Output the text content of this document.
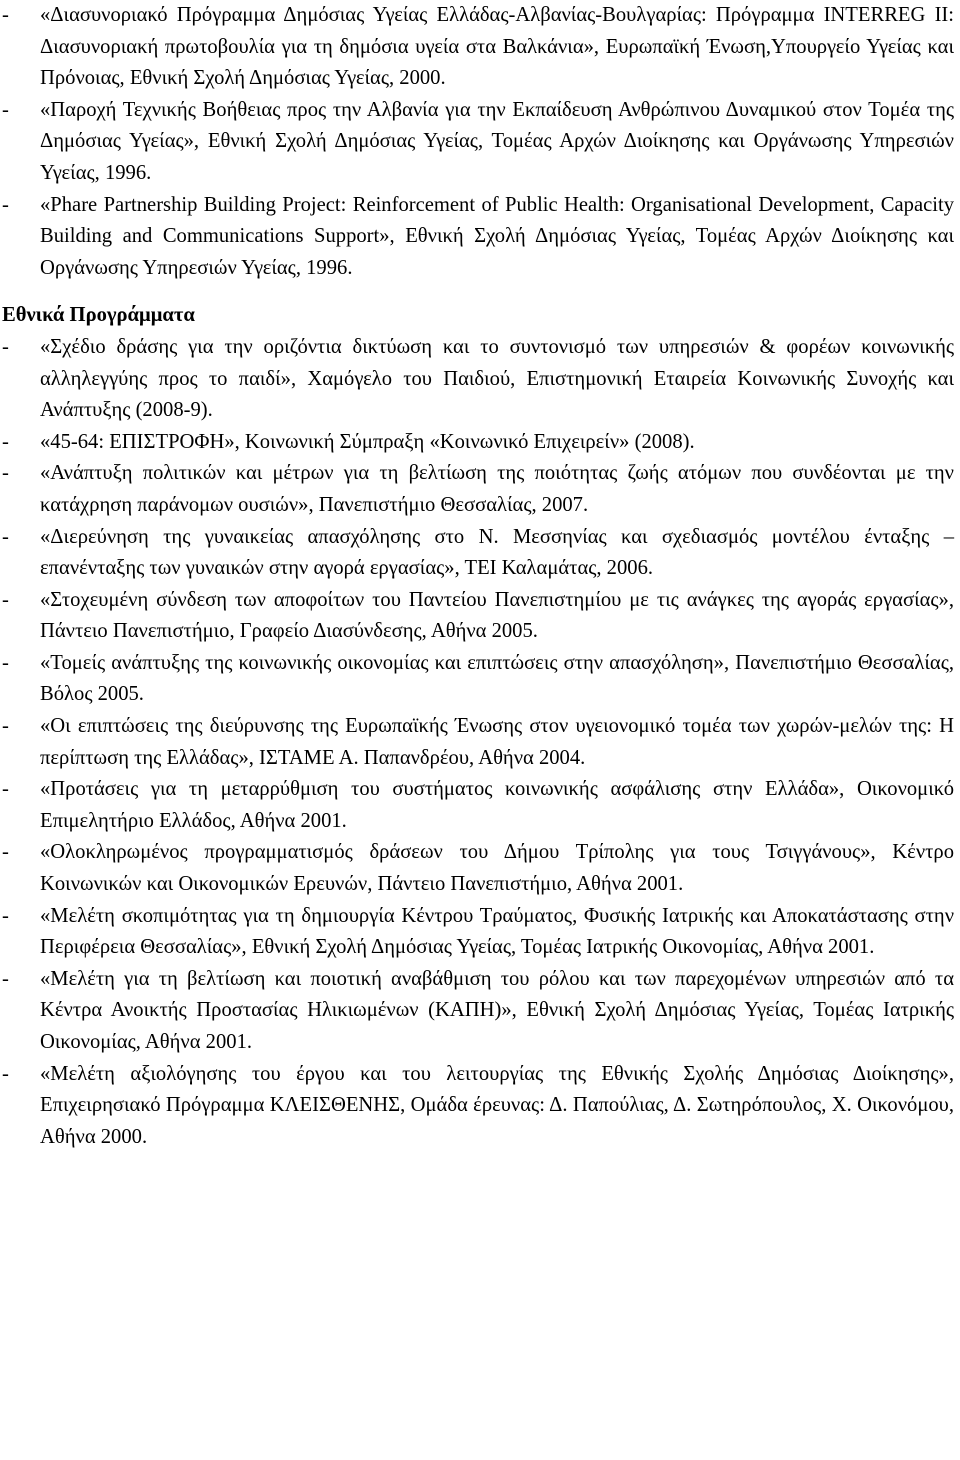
- «Διασυνοριακό Πρόγραμμα Δημόσιας Υγείας Ελλάδας-Αλβανίας-Βουλγαρίας: Πρόγραμμα INTERREG II: Διασυνοριακή πρωτοβουλία για τη δημόσια υγεία στα Βαλκάνια», Ευρωπαϊκή Ένωση,Υπουργείο Υγείας και Πρόνοιας, Εθνική Σχολή Δημόσιας Υγείας, 2000.

- «Παροχή Τεχνικής Βοήθειας προς την Αλβανία για την Εκπαίδευση Ανθρώπινου Δυναμικού στον Τομέα της Δημόσιας Υγείας», Εθνική Σχολή Δημόσιας Υγείας, Τομέας Αρχών Διοίκησης και Οργάνωσης Υπηρεσιών Υγείας, 1996.

- «Phare Partnership Building Project: Reinforcement of Public Health: Organisational Development, Capacity Building and Communications Support», Εθνική Σχολή Δημόσιας Υγείας, Τομέας Αρχών Διοίκησης και Οργάνωσης Υπηρεσιών Υγείας, 1996.

Εθνικά Προγράμματα

- «Σχέδιο δράσης για την οριζόντια δικτύωση και το συντονισμό των υπηρεσιών & φορέων κοινωνικής αλληλεγγύης προς το παιδί», Χαμόγελο του Παιδιού, Επιστημονική Εταιρεία Κοινωνικής Συνοχής και Ανάπτυξης (2008-9).

- «45-64: ΕΠΙΣΤΡΟΦΗ», Κοινωνική Σύμπραξη «Κοινωνικό Επιχειρείν» (2008).

- «Ανάπτυξη πολιτικών και μέτρων για τη βελτίωση της ποιότητας ζωής ατόμων που συνδέονται με την κατάχρηση παράνομων ουσιών», Πανεπιστήμιο Θεσσαλίας, 2007.

- «Διερεύνηση της γυναικείας απασχόλησης στο Ν. Μεσσηνίας και σχεδιασμός μοντέλου ένταξης – επανένταξης των γυναικών στην αγορά εργασίας», ΤΕΙ Καλαμάτας, 2006.

- «Στοχευμένη σύνδεση των αποφοίτων του Παντείου Πανεπιστημίου με τις ανάγκες της αγοράς εργασίας», Πάντειο Πανεπιστήμιο, Γραφείο Διασύνδεσης, Αθήνα 2005.

- «Τομείς ανάπτυξης της κοινωνικής οικονομίας και επιπτώσεις στην απασχόληση», Πανεπιστήμιο Θεσσαλίας, Βόλος 2005.

- «Οι επιπτώσεις της διεύρυνσης της Ευρωπαϊκής Ένωσης στον υγειονομικό τομέα των χωρών-μελών της: Η περίπτωση της Ελλάδας», ΙΣΤΑΜΕ Α. Παπανδρέου, Αθήνα 2004.

- «Προτάσεις για τη μεταρρύθμιση του συστήματος κοινωνικής ασφάλισης στην Ελλάδα», Οικονομικό Επιμελητήριο Ελλάδος, Αθήνα 2001.

- «Ολοκληρωμένος προγραμματισμός δράσεων του Δήμου Τρίπολης για τους Τσιγγάνους», Κέντρο Κοινωνικών και Οικονομικών Ερευνών, Πάντειο Πανεπιστήμιο, Αθήνα 2001.

- «Μελέτη σκοπιμότητας για τη δημιουργία Κέντρου Τραύματος, Φυσικής Ιατρικής και Αποκατάστασης στην Περιφέρεια Θεσσαλίας», Εθνική Σχολή Δημόσιας Υγείας, Τομέας Ιατρικής Οικονομίας, Αθήνα 2001.

- «Μελέτη για τη βελτίωση και ποιοτική αναβάθμιση του ρόλου και των παρεχομένων υπηρεσιών από τα Κέντρα Ανοικτής Προστασίας Ηλικιωμένων (ΚΑΠΗ)», Εθνική Σχολή Δημόσιας Υγείας, Τομέας Ιατρικής Οικονομίας, Αθήνα 2001.

- «Μελέτη αξιολόγησης του έργου και του λειτουργίας της Εθνικής Σχολής Δημόσιας Διοίκησης», Επιχειρησιακό Πρόγραμμα ΚΛΕΙΣΘΕΝΗΣ, Ομάδα έρευνας: Δ. Παπούλιας, Δ. Σωτηρόπουλος, Χ. Οικονόμου, Αθήνα 2000.
